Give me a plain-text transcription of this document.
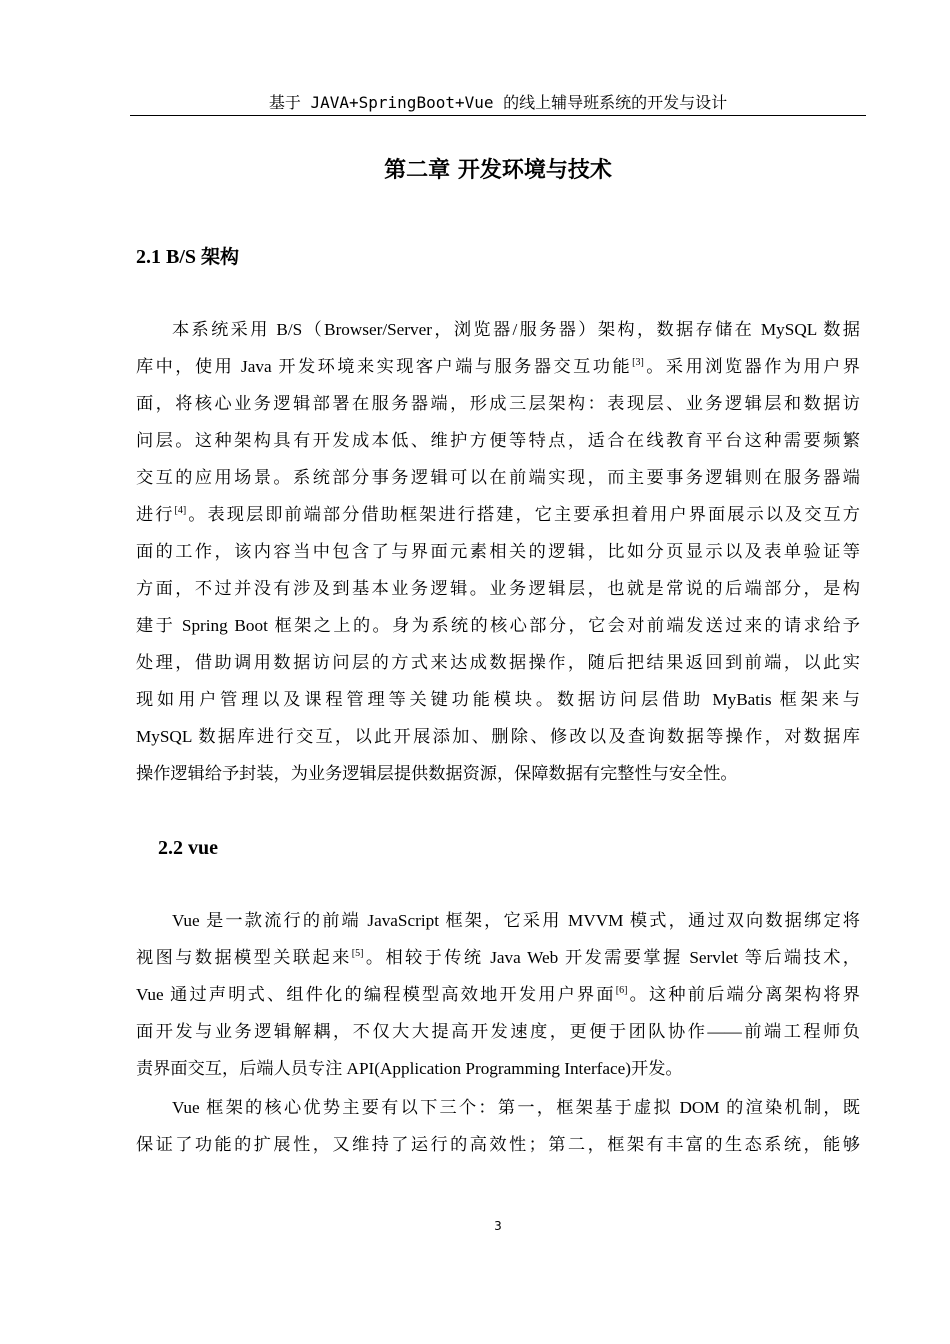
基于 JAVA+SpringBoot+Vue 的线上辅导班系统的开发与设计
第二章 开发环境与技术
2.1 B/S 架构

本系统采用 B/S（Browser/Server，浏览器/服务器）架构，数据存储在 MySQL 数据
库中，使用 Java 开发环境来实现客户端与服务器交互功能[3]。采用浏览器作为用户界
面，将核心业务逻辑部署在服务器端，形成三层架构：表现层、业务逻辑层和数据访
问层。这种架构具有开发成本低、维护方便等特点，适合在线教育平台这种需要频繁
交互的应用场景。系统部分事务逻辑可以在前端实现，而主要事务逻辑则在服务器端
进行[4]。表现层即前端部分借助框架进行搭建，它主要承担着用户界面展示以及交互方
面的工作，该内容当中包含了与界面元素相关的逻辑，比如分页显示以及表单验证等
方面，不过并没有涉及到基本业务逻辑。业务逻辑层，也就是常说的后端部分，是构
建于 Spring Boot 框架之上的。身为系统的核心部分，它会对前端发送过来的请求给予
处理，借助调用数据访问层的方式来达成数据操作，随后把结果返回到前端，以此实
现如用户管理以及课程管理等关键功能模块。数据访问层借助 MyBatis 框架来与
MySQL 数据库进行交互，以此开展添加、删除、修改以及查询数据等操作，对数据库
操作逻辑给予封装，为业务逻辑层提供数据资源，保障数据有完整性与安全性。

2.2 vue

Vue 是一款流行的前端 JavaScript 框架，它采用 MVVM 模式，通过双向数据绑定将
视图与数据模型关联起来[5]。相较于传统 Java Web 开发需要掌握 Servlet 等后端技术，
Vue 通过声明式、组件化的编程模型高效地开发用户界面[6]。这种前后端分离架构将界
面开发与业务逻辑解耦，不仅大大提高开发速度，更便于团队协作——前端工程师负
责界面交互，后端人员专注 API(Application Programming Interface)开发。

Vue 框架的核心优势主要有以下三个：第一，框架基于虚拟 DOM 的渲染机制，既
保证了功能的扩展性，又维持了运行的高效性；第二，框架有丰富的生态系统，能够

3
